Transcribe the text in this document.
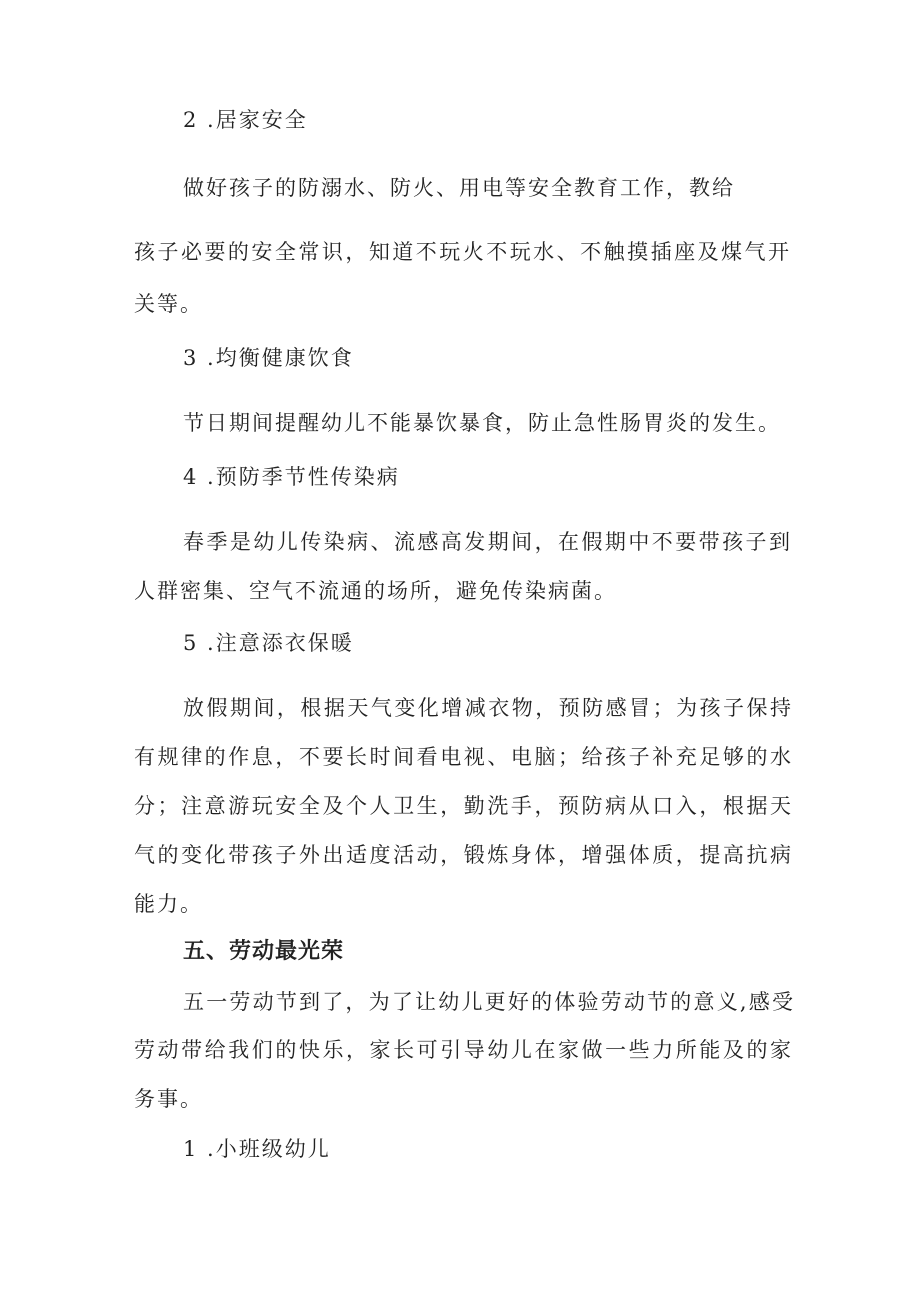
2 .居家安全
做好孩子的防溺水、防火、用电等安全教育工作，教给
孩子必要的安全常识，知道不玩火不玩水、不触摸插座及煤气开
关等。
3 .均衡健康饮食
节日期间提醒幼儿不能暴饮暴食，防止急性肠胃炎的发生。
4 .预防季节性传染病
春季是幼儿传染病、流感高发期间，在假期中不要带孩子到
人群密集、空气不流通的场所，避免传染病菌。
5 .注意添衣保暖
放假期间，根据天气变化增减衣物，预防感冒；为孩子保持
有规律的作息，不要长时间看电视、电脑；给孩子补充足够的水
分；注意游玩安全及个人卫生，勤洗手，预防病从口入，根据天
气的变化带孩子外出适度活动，锻炼身体，增强体质，提高抗病
能力。
五、劳动最光荣
五一劳动节到了，为了让幼儿更好的体验劳动节的意义,感受
劳动带给我们的快乐，家长可引导幼儿在家做一些力所能及的家
务事。
1 .小班级幼儿
